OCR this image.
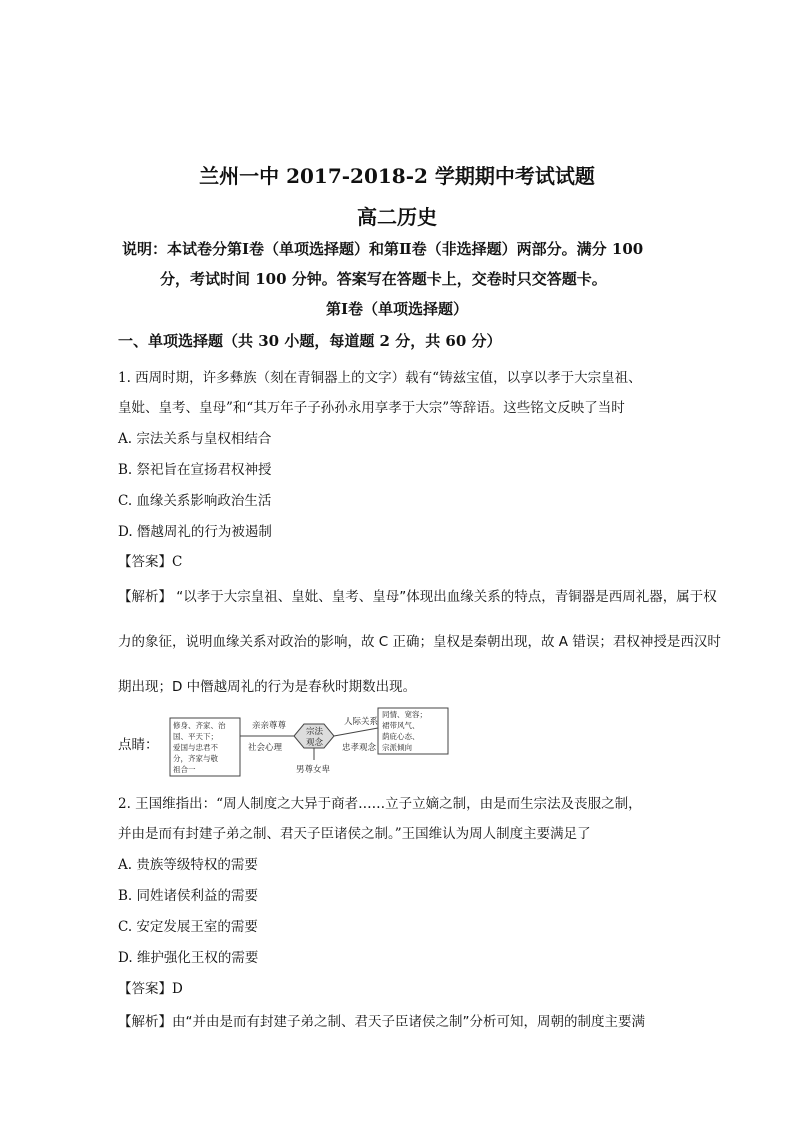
兰州一中 2017-2018-2 学期期中考试试题
高二历史
说明：本试卷分第Ⅰ卷（单项选择题）和第Ⅱ卷（非选择题）两部分。满分 100
分，考试时间 100 分钟。答案写在答题卡上，交卷时只交答题卡。
第Ⅰ卷（单项选择题）
一、单项选择题（共 30 小题，每道题 2 分，共 60 分）
1. 西周时期，许多彝族（刻在青铜器上的文字）载有“铸兹宝值，以享以孝于大宗皇祖、
皇妣、皇考、皇母”和“其万年子子孙孙永用享孝于大宗”等辞语。这些铭文反映了当时
A. 宗法关系与皇权相结合
B. 祭祀旨在宣扬君权神授
C. 血缘关系影响政治生活
D. 僭越周礼的行为被遏制
【答案】C
【解析】 “以孝于大宗皇祖、皇妣、皇考、皇母”体现出血缘关系的特点，青铜器是西周礼器，属于权
力的象征，说明血缘关系对政治的影响，故 C 正确；皇权是秦朝出现，故 A 错误；君权神授是西汉时
期出现；D 中僭越周礼的行为是春秋时期数出现。
点睛：
修身、齐家、治
国、平天下；
爱国与忠君不
分，齐家与敬
祖合一
同情、宽容；
裙带风气、
荫庇心态、
宗派倾向
宗法
观念
亲亲尊尊
社会心理
人际关系
忠孝观念
男尊女卑
2. 王国维指出：“周人制度之大异于商者……立子立嫡之制，由是而生宗法及丧服之制，
并由是而有封建子弟之制、君天子臣诸侯之制。”王国维认为周人制度主要满足了
A. 贵族等级特权的需要
B. 同姓诸侯利益的需要
C. 安定发展王室的需要
D. 维护强化王权的需要
【答案】D
【解析】由“并由是而有封建子弟之制、君天子臣诸侯之制”分析可知，周朝的制度主要满
